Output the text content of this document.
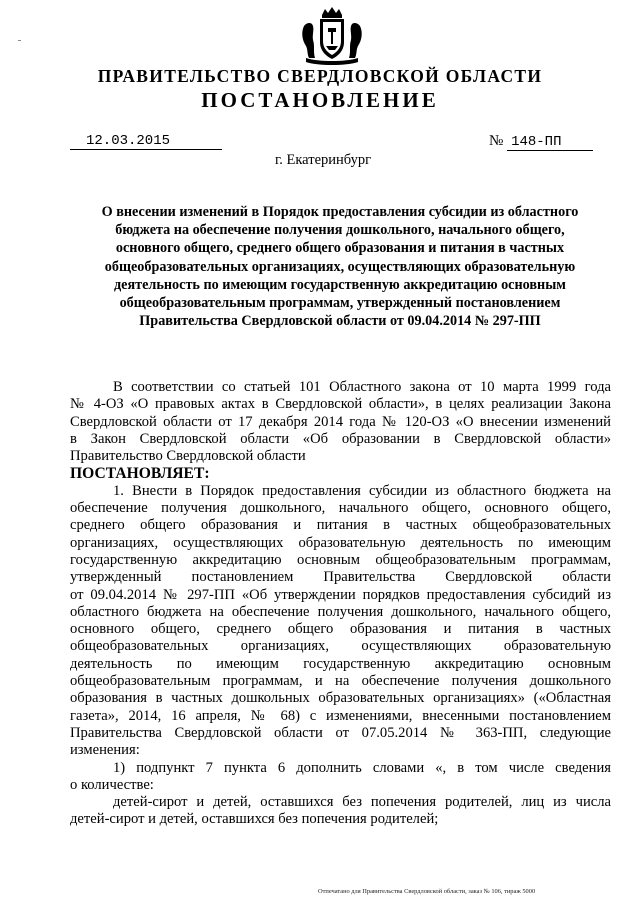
ПРАВИТЕЛЬСТВО СВЕРДЛОВСКОЙ ОБЛАСТИ
ПОСТАНОВЛЕНИЕ
12.03.2015	№ 148-ПП
г. Екатеринбург
О внесении изменений в Порядок предоставления субсидии из областного
бюджета на обеспечение получения дошкольного, начального общего,
основного общего, среднего общего образования и питания в частных
общеобразовательных организациях, осуществляющих образовательную
деятельность по имеющим государственную аккредитацию основным
общеобразовательным программам, утвержденный постановлением
Правительства Свердловской области от 09.04.2014 № 297-ПП
В соответствии со статьей 101 Областного закона от 10 марта 1999 года
№ 4-ОЗ «О правовых актах в Свердловской области», в целях реализации Закона
Свердловской области от 17 декабря 2014 года № 120-ОЗ «О внесении изменений
в Закон Свердловской области «Об образовании в Свердловской области»
Правительство Свердловской области
ПОСТАНОВЛЯЕТ:
1. Внести в Порядок предоставления субсидии из областного бюджета на
обеспечение получения дошкольного, начального общего, основного общего,
среднего общего образования и питания в частных общеобразовательных
организациях, осуществляющих образовательную деятельность по имеющим
государственную аккредитацию основным общеобразовательным программам,
утвержденный постановлением Правительства Свердловской области
от 09.04.2014 № 297-ПП «Об утверждении порядков предоставления субсидий из
областного бюджета на обеспечение получения дошкольного, начального общего,
основного общего, среднего общего образования и питания в частных
общеобразовательных организациях, осуществляющих образовательную
деятельность по имеющим государственную аккредитацию основным
общеобразовательным программам, и на обеспечение получения дошкольного
образования в частных дошкольных образовательных организациях» («Областная
газета», 2014, 16 апреля, № 68) с изменениями, внесенными постановлением
Правительства Свердловской области от 07.05.2014 № 363-ПП, следующие
изменения:
1) подпункт 7 пункта 6 дополнить словами «, в том числе сведения
о количестве:
детей-сирот и детей, оставшихся без попечения родителей, лиц из числа
детей-сирот и детей, оставшихся без попечения родителей;
Отпечатано для Правительства Свердловской области, заказ № 106, тираж 5000
